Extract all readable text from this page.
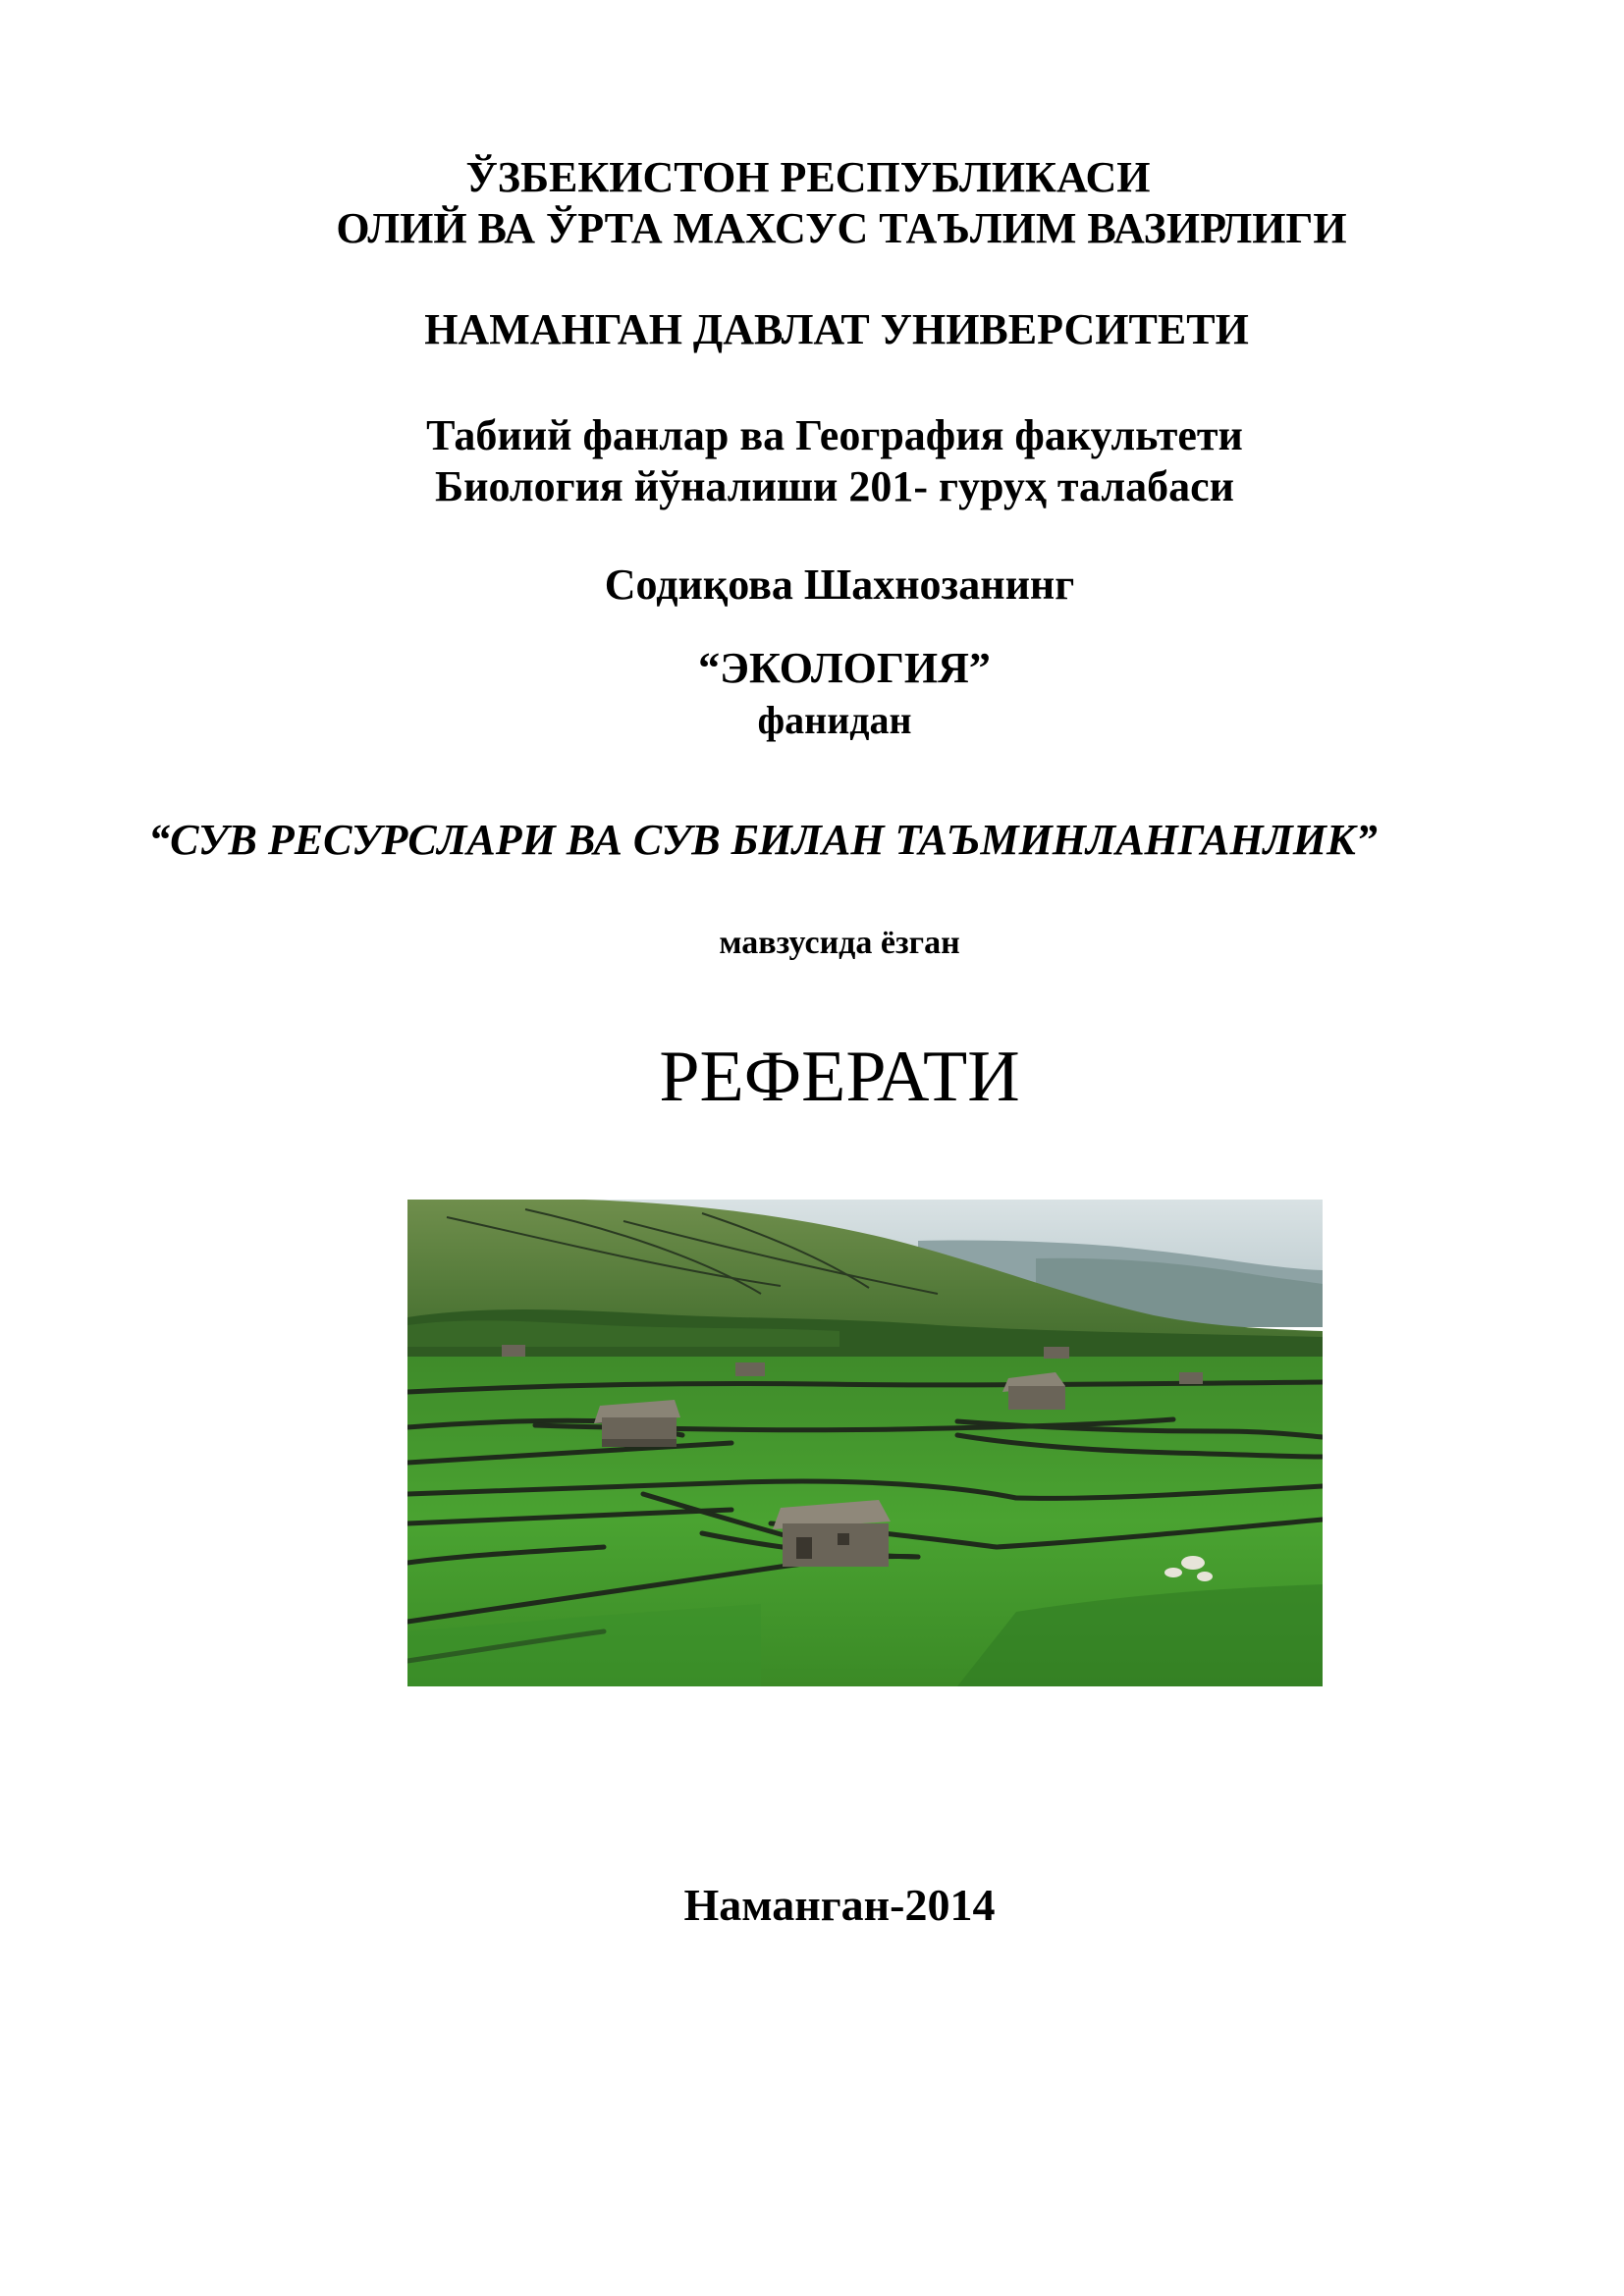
ЎЗБЕКИСТОН РЕСПУБЛИКАСИ
ОЛИЙ ВА ЎРТА МАХСУС ТАЪЛИМ ВАЗИРЛИГИ
НАМАНГАН ДАВЛАТ УНИВЕРСИТЕТИ
Табиий фанлар ва География факультети
Биология йўналиши 201- гуруҳ талабаси
Содиқова Шахнозанинг
“ЭКОЛОГИЯ”
фанидан
“СУВ РЕСУРСЛАРИ ВА СУВ БИЛАН ТАЪМИНЛАНГАНЛИК”
мавзусида ёзган
РЕФЕРАТИ
Наманган-2014
